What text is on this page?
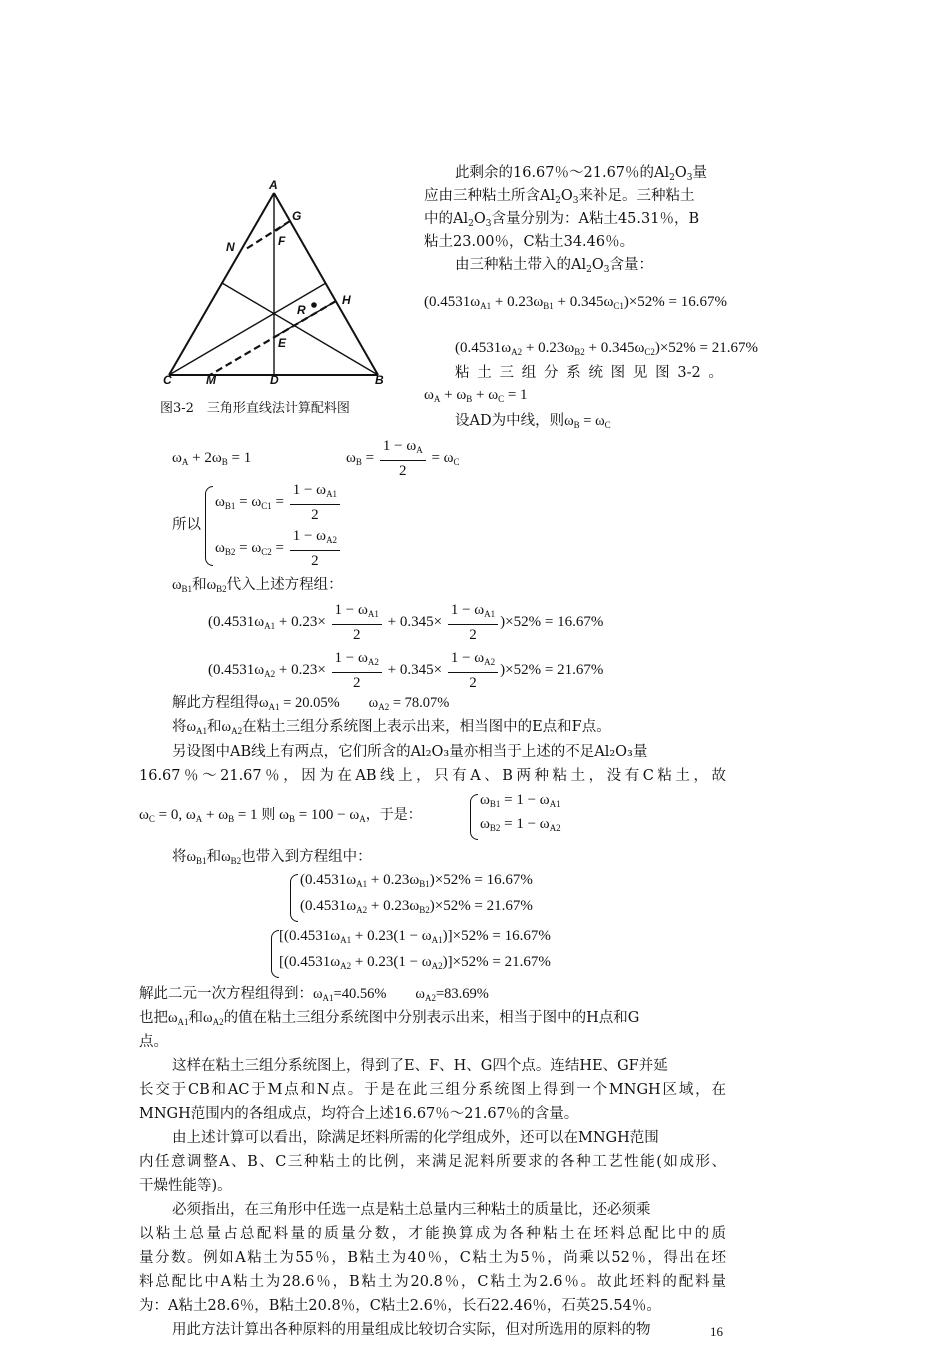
A
G
N	F
H
R
E
C	M	D	B
图3-2　三角形直线法计算配料图
此剩余的16.67％～21.67％的$Al_2O_3$量
应由三种粘土所含$Al_2O_3$来补足。三种粘土
中的$Al_2O_3$含量分别为：A粘土45.31％，B
粘土23.00％，C粘土34.46％。
由三种粘土带入的$Al_2O_3$含量：
$(0.4531\omega_{A1} + 0.23\omega_{B1} + 0.345\omega_{C1})\times 52\% = 16.67\%$
$(0.4531\omega_{A2} + 0.23\omega_{B2} + 0.345\omega_{C2})\times 52\% = 21.67\%$
粘土三组分系统图见图3-2。
$\omega_A + \omega_B + \omega_C = 1$
设AD为中线，则$\omega_B = \omega_C$
$\omega_A + 2\omega_B = 1$	$\omega_B = \frac{1 - \omega_A}{2} = \omega_C$
所以
$\omega_{B1} = \omega_{C1} = \frac{1 - \omega_{A1}}{2}$
$\omega_{B2} = \omega_{C2} = \frac{1 - \omega_{A2}}{2}$
$\omega_{B1}$和$\omega_{B2}$代入上述方程组：
$(0.4531\omega_{A1} + 0.23\times \frac{1 - \omega_{A1}}{2} + 0.345\times \frac{1 - \omega_{A1}}{2} )\times 52\% = 16.67\%$
$(0.4531\omega_{A2} + 0.23\times \frac{1 - \omega_{A2}}{2} + 0.345\times \frac{1 - \omega_{A2}}{2} )\times 52\% = 21.67\%$
解此方程组得$\omega_{A1} = 20.05\%$　　$\omega_{A2} = 78.07\%$
将$\omega_{A1}$和$\omega_{A2}$在粘土三组分系统图上表示出来，相当图中的E点和F点。
另设图中AB线上有两点，它们所含的Al₂O₃量亦相当于上述的不足Al₂O₃量
16.67％～21.67％，因为在AB线上，只有A、B两种粘土，没有C粘土，故
$\omega_C = 0$, $\omega_A + \omega_B = 1$ 则 $\omega_B = 100 - \omega_A$，于是：
$\omega_{B1} = 1 - \omega_{A1}$
$\omega_{B2} = 1 - \omega_{A2}$
将$\omega_{B1}$和$\omega_{B2}$也带入到方程组中：
$(0.4531\omega_{A1} + 0.23\omega_{B1})\times 52\% = 16.67\%$
$(0.4531\omega_{A2} + 0.23\omega_{B2})\times 52\% = 21.67\%$
[$(0.4531\omega_{A1} + 0.23(1 - \omega_{A1})]\times 52\% = 16.67\%$
[$(0.4531\omega_{A2} + 0.23(1 - \omega_{A2})]\times 52\% = 21.67\%$
解此二元一次方程组得到：$\omega_{A1}=40.56\%$　　$\omega_{A2}=83.69\%$
也把$\omega_{A1}$和$\omega_{A2}$的值在粘土三组分系统图中分别表示出来，相当于图中的H点和G
点。
这样在粘土三组分系统图上，得到了E、F、H、G四个点。连结HE、GF并延
长交于CB和AC于M点和N点。于是在此三组分系统图上得到一个MNGH区域，在
MNGH范围内的各组成点，均符合上述16.67％～21.67％的含量。
由上述计算可以看出，除满足坯料所需的化学组成外，还可以在MNGH范围
内任意调整A、B、C三种粘土的比例，来满足泥料所要求的各种工艺性能(如成形、
干燥性能等)。
必须指出，在三角形中任选一点是粘土总量内三种粘土的质量比，还必须乘
以粘土总量占总配料量的质量分数，才能换算成为各种粘土在坯料总配比中的质
量分数。例如A粘土为55％，B粘土为40％，C粘土为5％，尚乘以52％，得出在坯
料总配比中A粘土为28.6％，B粘土为20.8％，C粘土为2.6％。故此坯料的配料量
为：A粘土28.6％，B粘土20.8％，C粘土2.6％，长石22.46％，石英25.54％。
用此方法计算出各种原料的用量组成比较切合实际，但对所选用的原料的物	16
